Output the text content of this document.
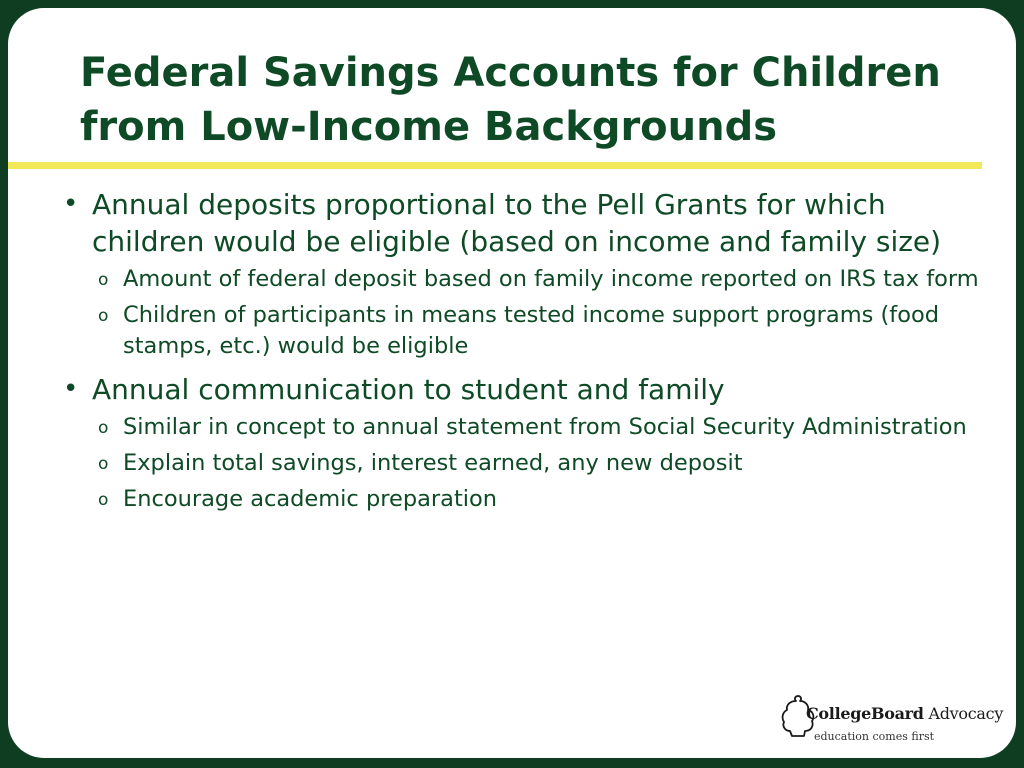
Federal Savings Accounts for Children
from Low-Income Backgrounds
• Annual deposits proportional to the Pell Grants for which children would be eligible (based on income and family size)
o Amount of federal deposit based on family income reported on IRS tax form
o Children of participants in means tested income support programs (food stamps, etc.) would be eligible
• Annual communication to student and family
o Similar in concept to annual statement from Social Security Administration
o Explain total savings, interest earned, any new deposit
o Encourage academic preparation
CollegeBoard Advocacy
education comes first
